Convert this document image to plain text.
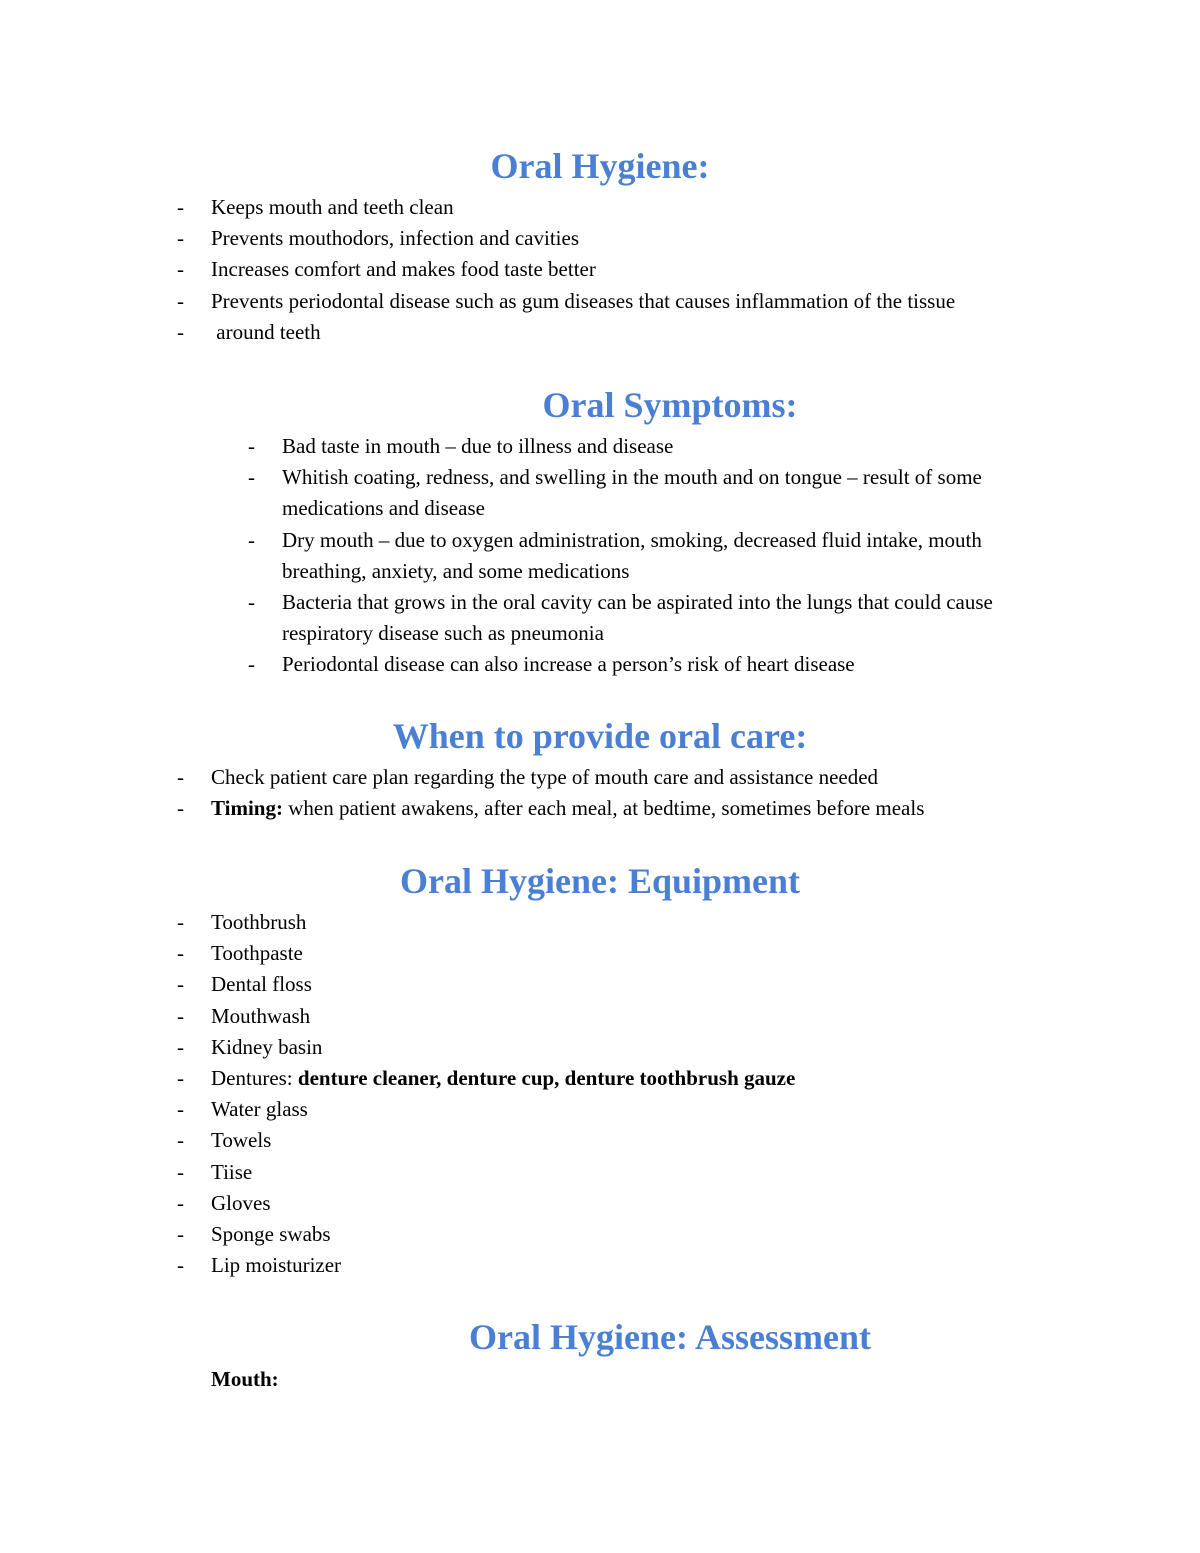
Oral Hygiene:
- Keeps mouth and teeth clean
- Prevents mouthodors, infection and cavities
- Increases comfort and makes food taste better
- Prevents periodontal disease such as gum diseases that causes inflammation of the tissue
-  around teeth
Oral Symptoms:
- Bad taste in mouth – due to illness and disease
- Whitish coating, redness, and swelling in the mouth and on tongue – result of some medications and disease
- Dry mouth – due to oxygen administration, smoking, decreased fluid intake, mouth breathing, anxiety, and some medications
- Bacteria that grows in the oral cavity can be aspirated into the lungs that could cause respiratory disease such as pneumonia
- Periodontal disease can also increase a person’s risk of heart disease
When to provide oral care:
- Check patient care plan regarding the type of mouth care and assistance needed
- Timing: when patient awakens, after each meal, at bedtime, sometimes before meals
Oral Hygiene: Equipment
- Toothbrush
- Toothpaste
- Dental floss
- Mouthwash
- Kidney basin
- Dentures: denture cleaner, denture cup, denture toothbrush gauze
- Water glass
- Towels
- Tiise
- Gloves
- Sponge swabs
- Lip moisturizer
Oral Hygiene: Assessment

Mouth:
